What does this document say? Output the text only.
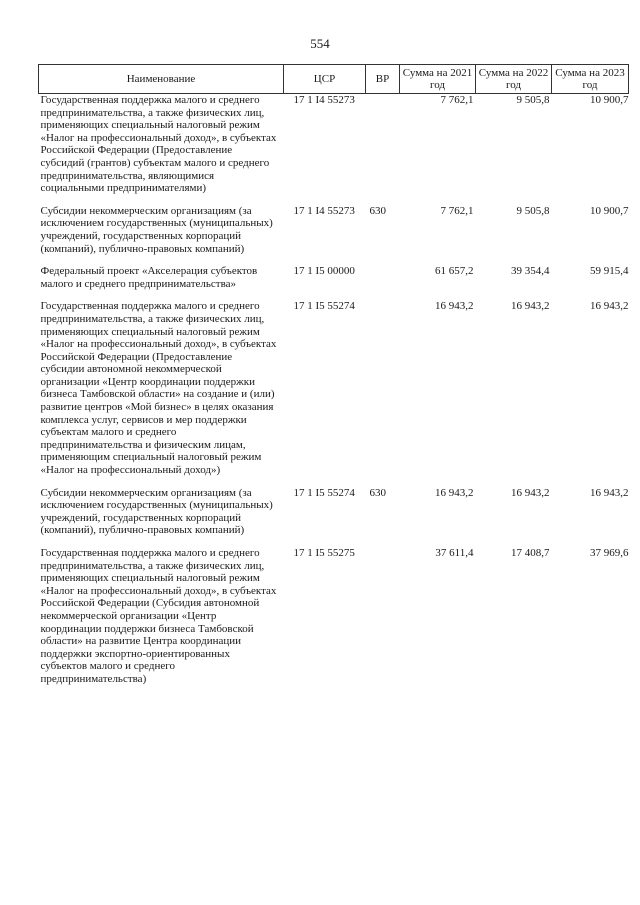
554
Наименование	ЦСР	ВР	Сумма на 2021 год	Сумма на 2022 год	Сумма на 2023 год
Государственная поддержка малого и среднего предпринимательства, а также физических лиц, применяющих специальный налоговый режим «Налог на профессиональный доход», в субъектах Российской Федерации (Предоставление субсидий (грантов) субъектам малого и среднего предпринимательства, являющимися социальными предпринимателями)	17 1 I4 55273		7 762,1	9 505,8	10 900,7
Субсидии некоммерческим организациям (за исключением государственных (муниципальных) учреждений, государственных корпораций (компаний), публично-правовых компаний)	17 1 I4 55273	630	7 762,1	9 505,8	10 900,7
Федеральный проект «Акселерация субъектов малого и среднего предпринимательства»	17 1 I5 00000		61 657,2	39 354,4	59 915,4
Государственная поддержка малого и среднего предпринимательства, а также физических лиц, применяющих специальный налоговый режим «Налог на профессиональный доход», в субъектах Российской Федерации (Предоставление субсидии автономной некоммерческой организации «Центр координации поддержки бизнеса Тамбовской области» на создание и (или) развитие центров «Мой бизнес» в целях оказания комплекса услуг, сервисов и мер поддержки субъектам малого и среднего предпринимательства и физическим лицам, применяющим специальный налоговый режим «Налог на профессиональный доход»)	17 1 I5 55274		16 943,2	16 943,2	16 943,2
Субсидии некоммерческим организациям (за исключением государственных (муниципальных) учреждений, государственных корпораций (компаний), публично-правовых компаний)	17 1 I5 55274	630	16 943,2	16 943,2	16 943,2
Государственная поддержка малого и среднего предпринимательства, а также физических лиц, применяющих специальный налоговый режим «Налог на профессиональный доход», в субъектах Российской Федерации (Субсидия автономной некоммерческой организации «Центр координации поддержки бизнеса Тамбовской области» на развитие Центра координации поддержки экспортно-ориентированных субъектов малого и среднего предпринимательства)	17 1 I5 55275		37 611,4	17 408,7	37 969,6
